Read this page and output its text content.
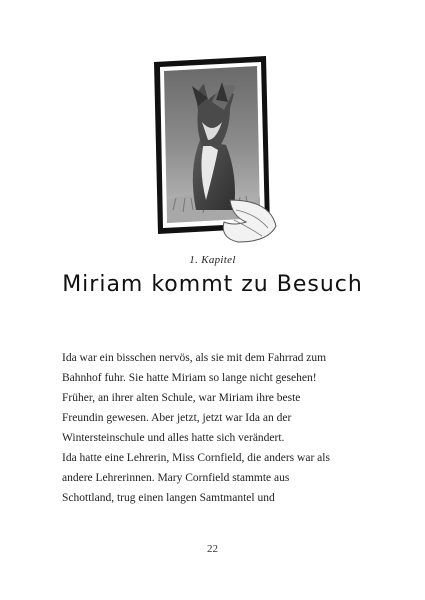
1. Kapitel
Miriam kommt zu Besuch
Ida war ein bisschen nervös, als sie mit dem Fahrrad zum
Bahnhof fuhr. Sie hatte Miriam so lange nicht gesehen!
Früher, an ihrer alten Schule, war Miriam ihre beste
Freundin gewesen. Aber jetzt, jetzt war Ida an der
Wintersteinschule und alles hatte sich verändert.
Ida hatte eine Lehrerin, Miss Cornfield, die anders war als
andere Lehrerinnen. Mary Cornfield stammte aus
Schottland, trug einen langen Samtmantel und
22
